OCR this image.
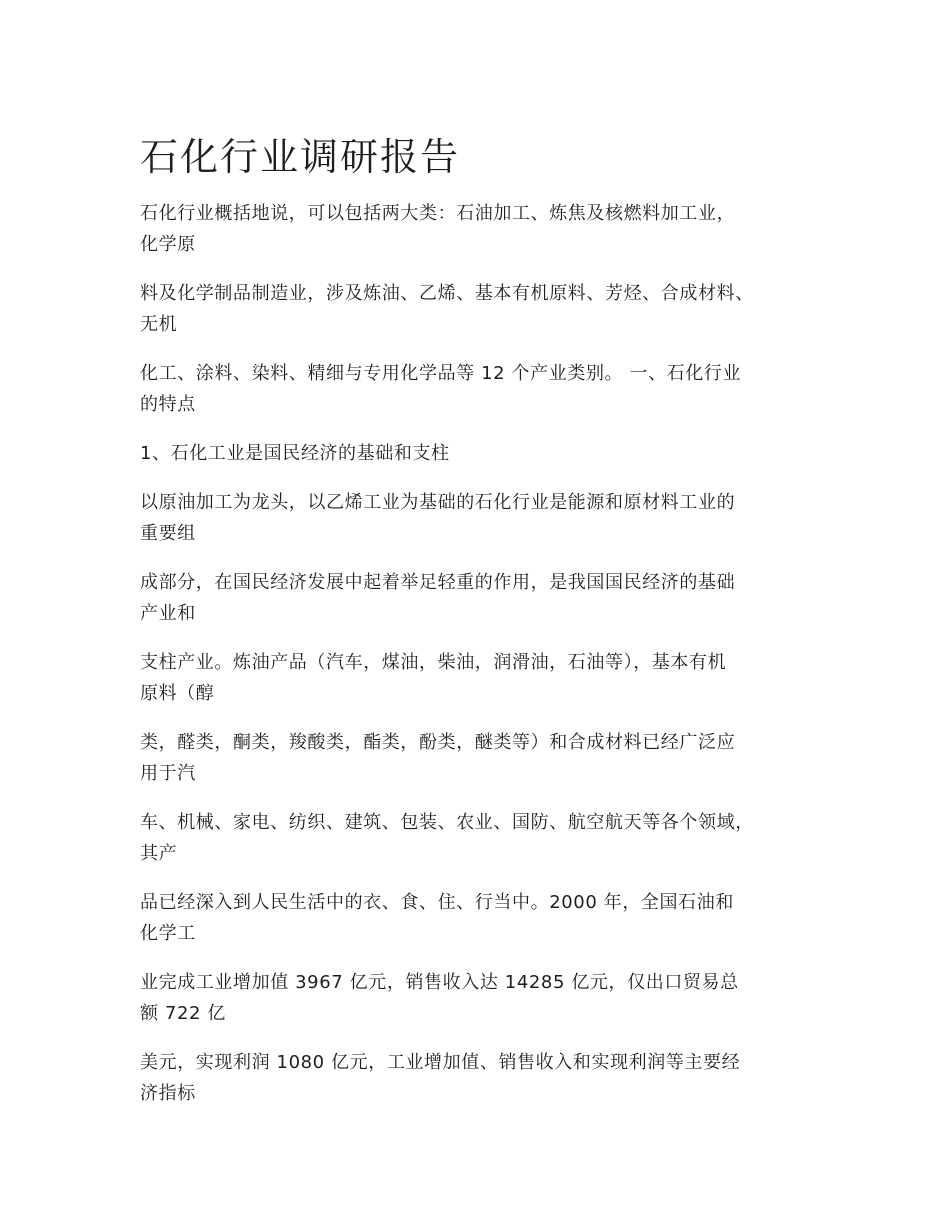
石化行业调研报告

石化行业概括地说，可以包括两大类：石油加工、炼焦及核燃料加工业，
化学原

料及化学制品制造业，涉及炼油、乙烯、基本有机原料、芳烃、合成材料、
无机

化工、涂料、染料、精细与专用化学品等 12 个产业类别。 一、石化行业
的特点

1、石化工业是国民经济的基础和支柱

以原油加工为龙头，以乙烯工业为基础的石化行业是能源和原材料工业的
重要组

成部分，在国民经济发展中起着举足轻重的作用，是我国国民经济的基础
产业和

支柱产业。炼油产品（汽车，煤油，柴油，润滑油，石油等），基本有机
原料（醇

类，醛类，酮类，羧酸类，酯类，酚类，醚类等）和合成材料已经广泛应
用于汽

车、机械、家电、纺织、建筑、包装、农业、国防、航空航天等各个领域，
其产

品已经深入到人民生活中的衣、食、住、行当中。2000 年，全国石油和
化学工

业完成工业增加值 3967 亿元，销售收入达 14285 亿元，仅出口贸易总
额 722 亿

美元，实现利润 1080 亿元，工业增加值、销售收入和实现利润等主要经
济指标
